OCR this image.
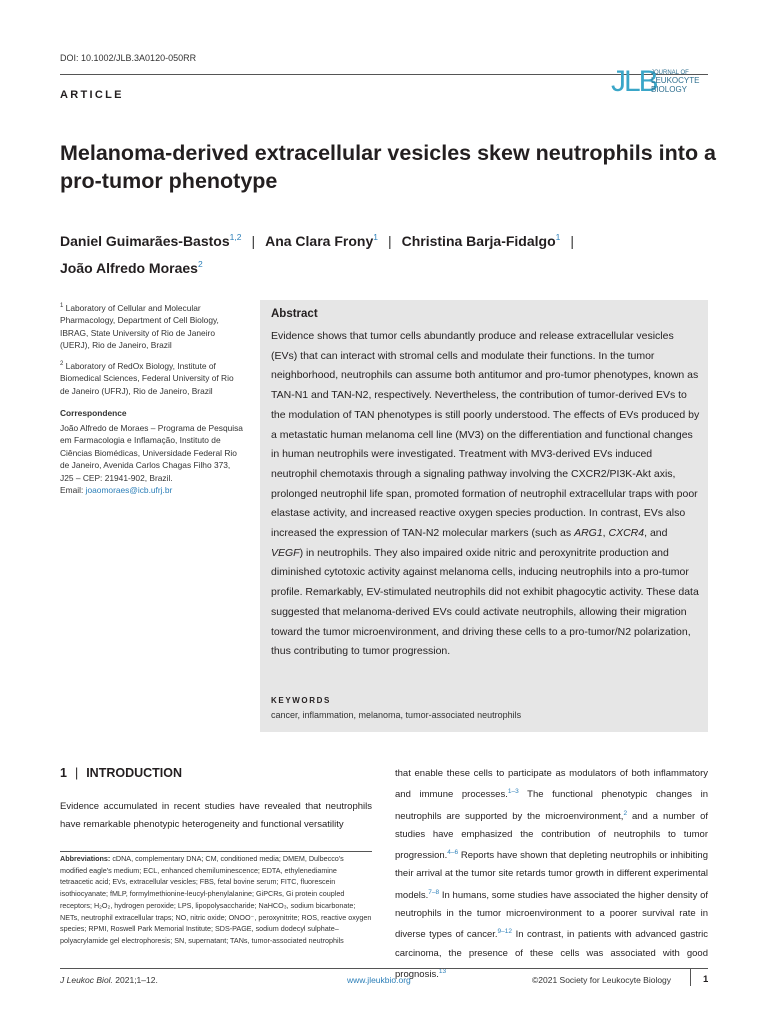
DOI: 10.1002/JLB.3A0120-050RR
ARTICLE	JLB
JOURNAL OF
LEUKOCYTE
BIOLOGY
Melanoma-derived extracellular vesicles skew neutrophils into a pro-tumor phenotype
Daniel Guimarães-Bastos$^{1,2}$ | Ana Clara Frony$^1$ | Christina Barja-Fidalgo$^1$ |
João Alfredo Moraes$^2$

$^1$ Laboratory of Cellular and Molecular Pharmacology, Department of Cell Biology, IBRAG, State University of Rio de Janeiro (UERJ), Rio de Janeiro, Brazil

$^2$ Laboratory of RedOx Biology, Institute of Biomedical Sciences, Federal University of Rio de Janeiro (UFRJ), Rio de Janeiro, Brazil

Correspondence

João Alfredo de Moraes – Programa de Pesquisa em Farmacologia e Inflamação, Instituto de Ciências Biomédicas, Universidade Federal Rio de Janeiro, Avenida Carlos Chagas Filho 373, J25 – CEP: 21941-902, Brazil.
Email: joaomoraes@icb.ufrj.br

Abstract
Evidence shows that tumor cells abundantly produce and release extracellular vesicles (EVs) that can interact with stromal cells and modulate their functions. In the tumor neighborhood, neutrophils can assume both antitumor and pro-tumor phenotypes, known as TAN-N1 and TAN-N2, respectively. Nevertheless, the contribution of tumor-derived EVs to the modulation of TAN phenotypes is still poorly understood. The effects of EVs produced by a metastatic human melanoma cell line (MV3) on the differentiation and functional changes in human neutrophils were investigated. Treatment with MV3-derived EVs induced neutrophil chemotaxis through a signaling pathway involving the CXCR2/PI3K-Akt axis, prolonged neutrophil life span, promoted formation of neutrophil extracellular traps with poor elastase activity, and increased reactive oxygen species production. In contrast, EVs also increased the expression of TAN-N2 molecular markers (such as ARG1, CXCR4, and VEGF) in neutrophils. They also impaired oxide nitric and peroxynitrite production and diminished cytotoxic activity against melanoma cells, inducing neutrophils into a pro-tumor profile. Remarkably, EV-stimulated neutrophils did not exhibit phagocytic activity. These data suggested that melanoma-derived EVs could activate neutrophils, allowing their migration toward the tumor microenvironment, and driving these cells to a pro-tumor/N2 polarization, thus contributing to tumor progression.
KEYWORDS
cancer, inflammation, melanoma, tumor-associated neutrophils
1 | INTRODUCTION
Evidence accumulated in recent studies have revealed that neutrophils have remarkable phenotypic heterogeneity and functional versatility
Abbreviations: cDNA, complementary DNA; CM, conditioned media; DMEM, Dulbecco's modified eagle's medium; ECL, enhanced chemiluminescence; EDTA, ethylenediamine tetraacetic acid; EVs, extracellular vesicles; FBS, fetal bovine serum; FITC, fluorescein isothiocyanate; fMLP, formylmethionine-leucyl-phenylalanine; GiPCRs, Gi protein coupled receptors; H₂O₂, hydrogen peroxide; LPS, lipopolysaccharide; NaHCO₃, sodium bicarbonate; NETs, neutrophil extracellular traps; NO, nitric oxide; ONOO⁻, peroxynitrite; ROS, reactive oxygen species; RPMI, Roswell Park Memorial Institute; SDS-PAGE, sodium dodecyl sulphate–polyacrylamide gel electrophoresis; SN, supernatant; TANs, tumor-associated neutrophils
that enable these cells to participate as modulators of both inflammatory and immune processes.$^{1-3}$ The functional phenotypic changes in neutrophils are supported by the microenvironment,$^2$ and a number of studies have emphasized the contribution of neutrophils to tumor progression.$^{4-6}$ Reports have shown that depleting neutrophils or inhibiting their arrival at the tumor site retards tumor growth in different experimental models.$^{7-8}$ In humans, some studies have associated the higher density of neutrophils in the tumor microenvironment to a poorer survival rate in diverse types of cancer.$^{9-12}$ In contrast, in patients with advanced gastric carcinoma, the presence of these cells was associated with good prognosis.$^{13}$
J Leukoc Biol. 2021;1–12.	www.jleukbio.org	©2021 Society for Leukocyte Biology	1
